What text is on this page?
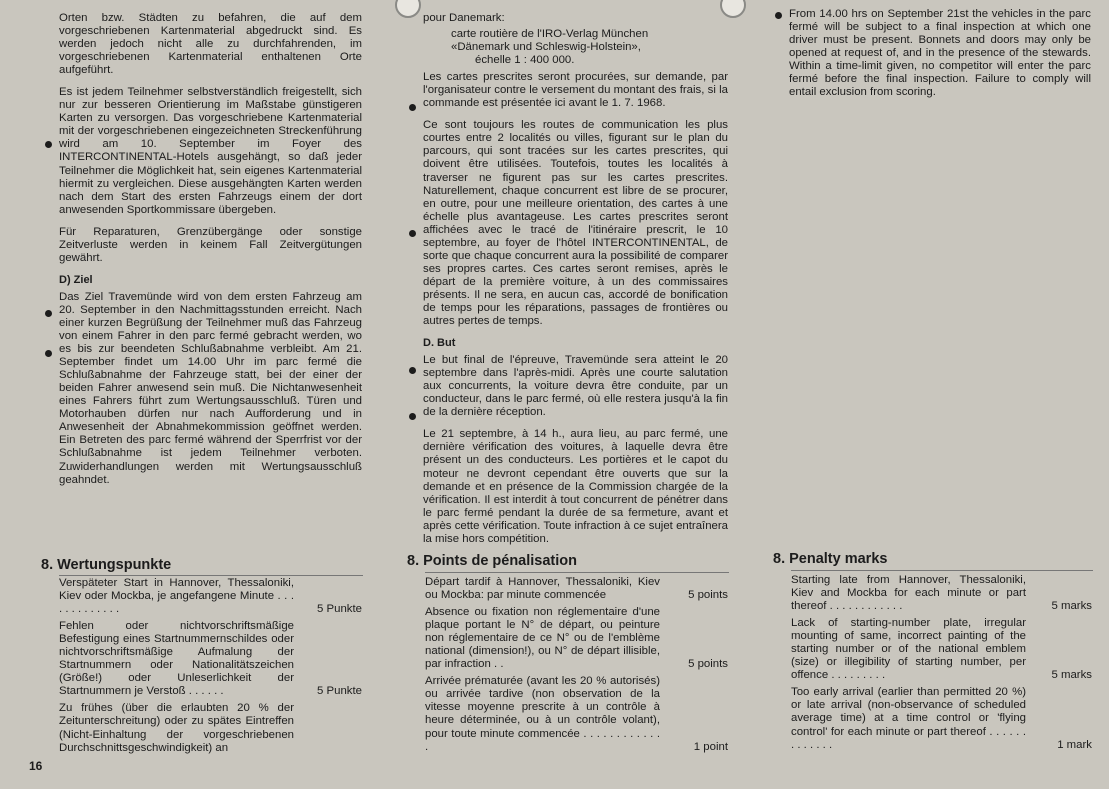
Orten bzw. Städten zu befahren, die auf dem vorgeschriebenen Kartenmaterial abgedruckt sind. Es werden jedoch nicht alle zu durchfahrenden, im vorgeschriebenen Kartenmaterial enthaltenen Orte aufgeführt.

Es ist jedem Teilnehmer selbstverständlich freigestellt, sich nur zur besseren Orientierung im Maßstabe günstigeren Karten zu versorgen. Das vorgeschriebene Kartenmaterial mit der vorgeschriebenen eingezeichneten Streckenführung wird am 10. September im Foyer des INTERCONTINENTAL-Hotels ausgehängt, so daß jeder Teilnehmer die Möglichkeit hat, sein eigenes Kartenmaterial hiermit zu vergleichen. Diese ausgehängten Karten werden nach dem Start des ersten Fahrzeugs einem der dort anwesenden Sportkommissare übergeben.

Für Reparaturen, Grenzübergänge oder sonstige Zeitverluste werden in keinem Fall Zeitvergütungen gewährt.

D) Ziel

Das Ziel Travemünde wird von dem ersten Fahrzeug am 20. September in den Nachmittagsstunden erreicht. Nach einer kurzen Begrüßung der Teilnehmer muß das Fahrzeug von einem Fahrer in den parc fermé gebracht werden, wo es bis zur beendeten Schlußabnahme verbleibt. Am 21. September findet um 14.00 Uhr im parc fermé die Schlußabnahme der Fahrzeuge statt, bei der einer der beiden Fahrer anwesend sein muß. Die Nichtanwesenheit eines Fahrers führt zum Wertungsausschluß. Türen und Motorhauben dürfen nur nach Aufforderung und in Anwesenheit der Abnahmekommission geöffnet werden. Ein Betreten des parc fermé während der Sperrfrist vor der Schlußabnahme ist jedem Teilnehmer verboten. Zuwiderhandlungen werden mit Wertungsausschluß geahndet.

pour Danemark:

carte routière de l'IRO-Verlag München
«Dänemark und Schleswig-Holstein»,
échelle 1 : 400 000.

Les cartes prescrites seront procurées, sur demande, par l'organisateur contre le versement du montant des frais, si la commande est présentée ici avant le 1. 7. 1968.

Ce sont toujours les routes de communication les plus courtes entre 2 localités ou villes, figurant sur le plan du parcours, qui sont tracées sur les cartes prescrites, qui doivent être utilisées. Toutefois, toutes les localités à traverser ne figurent pas sur les cartes prescrites. Naturellement, chaque concurrent est libre de se procurer, en outre, pour une meilleure orientation, des cartes à une échelle plus avantageuse. Les cartes prescrites seront affichées avec le tracé de l'itinéraire prescrit, le 10 septembre, au foyer de l'hôtel INTERCONTINENTAL, de sorte que chaque concurrent aura la possibilité de comparer ses propres cartes. Ces cartes seront remises, après le départ de la première voiture, à un des commissaires présents. Il ne sera, en aucun cas, accordé de bonification de temps pour les réparations, passages de frontières ou autres pertes de temps.

D. But

Le but final de l'épreuve, Travemünde sera atteint le 20 septembre dans l'après-midi. Après une courte salutation aux concurrents, la voiture devra être conduite, par un conducteur, dans le parc fermé, où elle restera jusqu'à la fin de la dernière réception.

Le 21 septembre, à 14 h., aura lieu, au parc fermé, une dernière vérification des voitures, à laquelle devra être présent un des conducteurs. Les portières et le capot du moteur ne devront cependant être ouverts que sur la demande et en présence de la Commission chargée de la vérification. Il est interdit à tout concurrent de pénétrer dans le parc fermé pendant la durée de sa fermeture, avant et après cette vérification. Toute infraction à ce sujet entraînera la mise hors compétition.

From 14.00 hrs on September 21st the vehicles in the parc fermé will be subject to a final inspection at which one driver must be present. Bonnets and doors may only be opened at request of, and in the presence of the stewards. Within a time-limit given, no competitor will enter the parc fermé before the final inspection. Failure to comply will entail exclusion from scoring.

8. Wertungspunkte	8. Points de pénalisation	8. Penalty marks
Verspäteter Start in Hannover, Thessaloniki, Kiev oder Mockba, je angefangene Minute . . . . . . . . . . . . .	5 Punkte
Fehlen oder nichtvorschriftsmäßige Befestigung eines Startnummernschildes oder nichtvorschriftsmäßige Aufmalung der Startnummern oder Nationalitätszeichen (Größe!) oder Unleserlichkeit der Startnummern je Verstoß . . . . . .	5 Punkte
Zu frühes (über die erlaubten 20 % der Zeitunterschreitung) oder zu spätes Eintreffen (Nicht-Einhaltung der vorgeschriebenen Durchschnittsgeschwindigkeit) an
Départ tardif à Hannover, Thessaloniki, Kiev ou Mockba: par minute commencée	5 points
Absence ou fixation non réglementaire d'une plaque portant le N° de départ, ou peinture non réglementaire de ce N° ou de l'emblème national (dimension!), ou N° de départ illisible, par infraction . .	5 points
Arrivée prématurée (avant les 20 % autorisés) ou arrivée tardive (non observation de la vitesse moyenne prescrite à un contrôle à heure déterminée, ou à un contrôle volant), pour toute minute commencée . . . . . . . . . . . . .	1 point
Starting late from Hannover, Thessaloniki, Kiev and Mockba for each minute or part thereof . . . . . . . . . . . .	5 marks
Lack of starting-number plate, irregular mounting of same, incorrect painting of the starting number or of the national emblem (size) or illegibility of starting number, per offence . . . . . . . . .	5 marks
Too early arrival (earlier than permitted 20 %) or late arrival (non-observance of scheduled average time) at a time control or 'flying control' for each minute or part thereof . . . . . . . . . . . . .	1 mark
16
